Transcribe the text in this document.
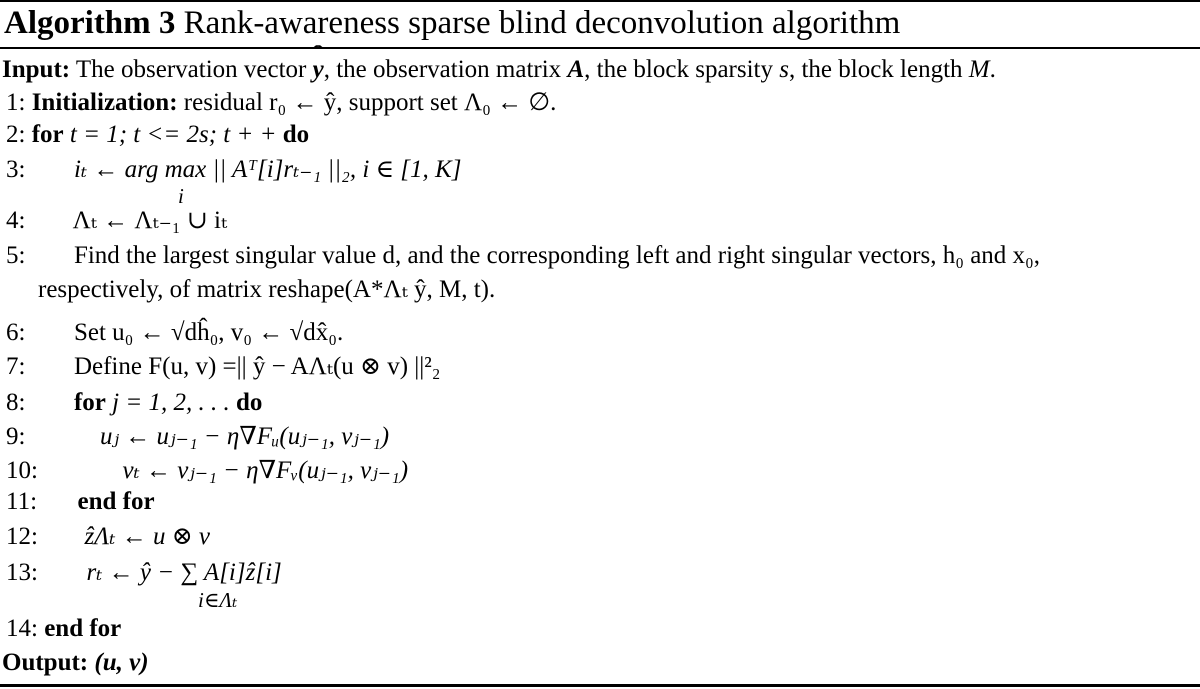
Algorithm 3 Rank-awareness sparse blind deconvolution algorithm
Input: The observation vector ˆ y, the observation matrix A, the block sparsity s, the block length M.
1: Initialization: residual r₀ ← ŷ, support set Λ₀ ← ∅.
2: for t = 1; t <= 2s; t + + do
3: iₜ ← arg max || Aᵀ[i]rₜ₋₁ ||₂, i ∈ [1, K]
i
4: Λₜ ← Λₜ₋₁ ∪ iₜ
5: Find the largest singular value d, and the corresponding left and right singular vectors, h₀ and x₀,
respectively, of matrix reshape(A*Λₜ ŷ, M, t).
6: Set u₀ ← √dĥ₀, v₀ ← √dx̂₀.
7: Define F(u, v) =|| ŷ − AΛₜ(u ⊗ v) ||²₂
8: for j = 1, 2, . . . do
9:	uⱼ ← uⱼ₋₁ − η∇Fᵤ(uⱼ₋₁, vⱼ₋₁)
10:	vₜ ← vⱼ₋₁ − η∇Fᵥ(uⱼ₋₁, vⱼ₋₁)
11: end for
12: ẑΛₜ ← u ⊗ v
13: rₜ ← ŷ − ∑ A[i]ẑ[i]
i∈Λₜ
14: end for
Output: (u, v)
